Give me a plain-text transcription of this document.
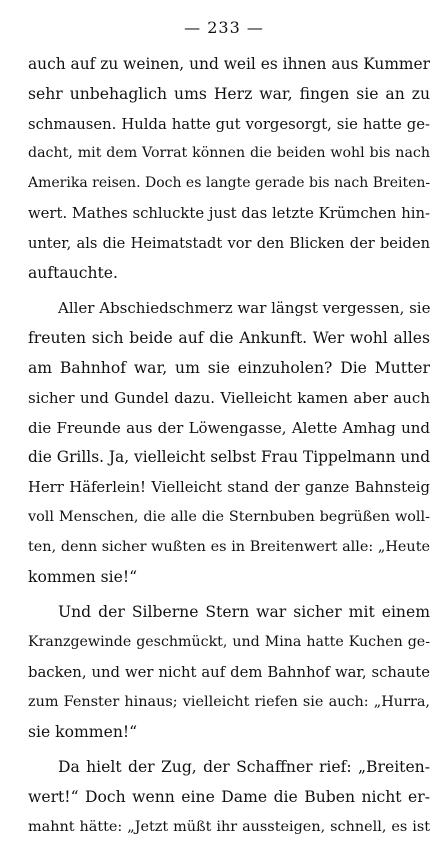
— 233 —
auch auf zu weinen, und weil es ihnen aus Kummer
sehr unbehaglich ums Herz war, fingen sie an zu
schmausen. Hulda hatte gut vorgesorgt, sie hatte ge-
dacht, mit dem Vorrat können die beiden wohl bis nach
Amerika reisen. Doch es langte gerade bis nach Breiten-
wert. Mathes schluckte just das letzte Krümchen hin-
unter, als die Heimatstadt vor den Blicken der beiden
auftauchte.
Aller Abschiedschmerz war längst vergessen, sie
freuten sich beide auf die Ankunft. Wer wohl alles
am Bahnhof war, um sie einzuholen? Die Mutter
sicher und Gundel dazu. Vielleicht kamen aber auch
die Freunde aus der Löwengasse, Alette Amhag und
die Grills. Ja, vielleicht selbst Frau Tippelmann und
Herr Häferlein! Vielleicht stand der ganze Bahnsteig
voll Menschen, die alle die Sternbuben begrüßen woll-
ten, denn sicher wußten es in Breitenwert alle: „Heute
kommen sie!“
Und der Silberne Stern war sicher mit einem
Kranzgewinde geschmückt, und Mina hatte Kuchen ge-
backen, und wer nicht auf dem Bahnhof war, schaute
zum Fenster hinaus; vielleicht riefen sie auch: „Hurra,
sie kommen!“
Da hielt der Zug, der Schaffner rief: „Breiten-
wert!“ Doch wenn eine Dame die Buben nicht er-
mahnt hätte: „Jetzt müßt ihr aussteigen, schnell, es ist
